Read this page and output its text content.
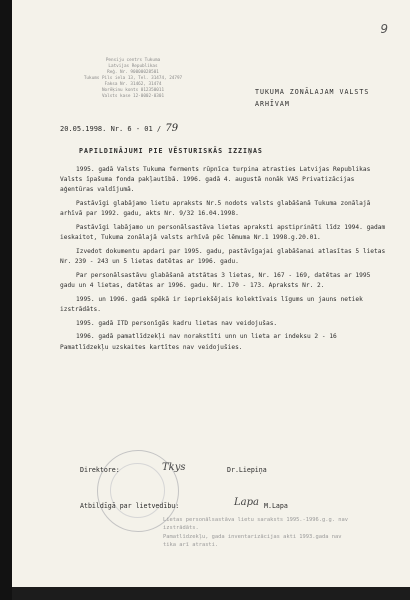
9
Pensiju centrs Tukuma
Latvijas Republikas
Reģ. Nr. 90000028501
Tukums Pils iela 13, Tel. 31474, 24797
Faksa Nr. 31462, 31474
Norēķinu konts 012350011
Valsts kase 12-0002-0301
TUKUMA ZONĀLAJAM VALSTS
ARHĪVAM
20.05.1998. Nr. 6 - 01 / 79
PAPILDINĀJUMI PIE VĒSTURISKĀS IZZIŅAS

1995. gadā Valsts Tukuma ferments rūpnīca turpina atrasties Latvijas Republikas Valsts īpašuma fonda pakļautībā. 1996. gadā 4. augustā nonāk VAS Privatizācijas aģentūras valdījumā.

Pastāvīgi glabājamo lietu apraksts Nr.5 nodots valsts glabāšanā Tukuma zonālajā arhīvā par 1992. gadu, akts Nr. 9/32 16.04.1998.

Pastāvīgi labājamo un personālsastāva lietas apraksti apstiprināti līdz 1994. gadam ieskaitot, Tukuma zonālajā valsts arhīvā pēc lēmuma Nr.1 1998.g.20.01.

Izvedot dokumentu apdari par 1995. gadu, pastāvīgajai glabāšanai atlasītas 5 lietas Nr. 239 - 243 un 5 lietas datētas ar 1996. gadu.

Par personālsastāvu glabāšanā atstātas 3 lietas, Nr. 167 - 169, datētas ar 1995 gadu un 4 lietas, datētas ar 1996. gadu. Nr. 170 - 173. Apraksts Nr. 2.

1995. un 1996. gadā spēkā ir iepriekšējais kolektīvais līgums un jauns netiek izstrādāts.

1995. gadā ITD personīgās kadru lietas nav veidojušas.

1996. gadā pamatlīdzekļi nav norakstīti unn un lieta ar indeksu 2 - 16 Pamatlīdzekļu uzskaites kartītes nav veidojušies.

Direktore:	Tkys	Dr.Liepiņa
Atbildīgā par lietvedību:	Lapa M.Lapa
Lietas personālsastāva lietu saraksts 1995.-1996.g.g. nav
izstrādāts.
Pamatlīdzekļu, gada inventarizācijas akti 1993.gada nav
tika arī atrasti.
